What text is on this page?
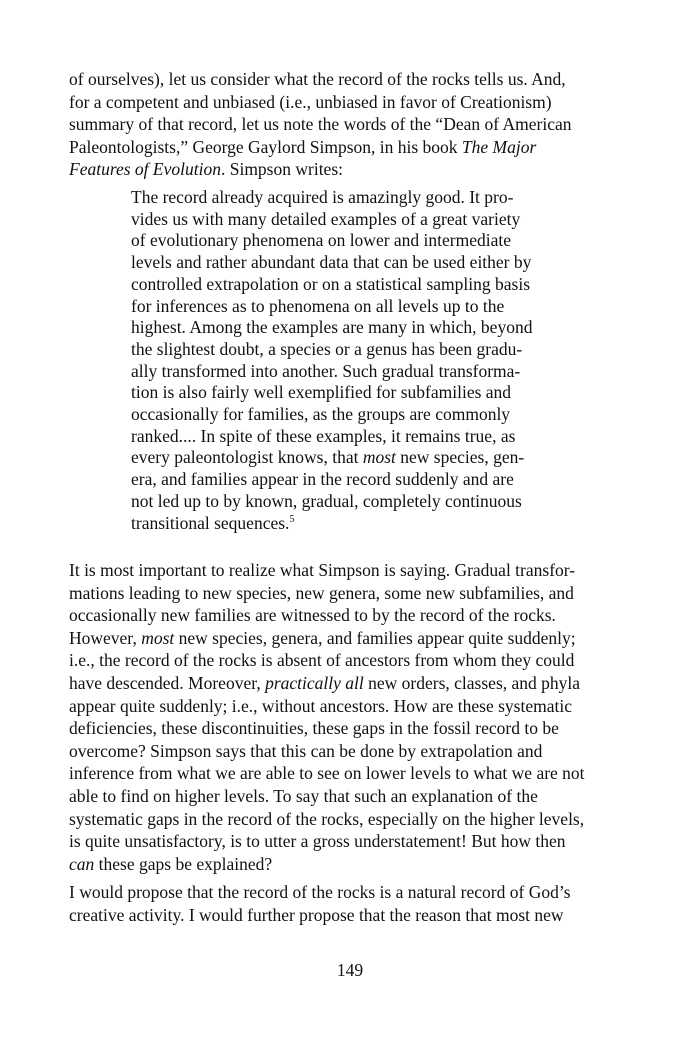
of ourselves), let us consider what the record of the rocks tells us. And,
for a competent and unbiased (i.e., unbiased in favor of Creationism)
summary of that record, let us note the words of the “Dean of American
Paleontologists,” George Gaylord Simpson, in his book The Major
Features of Evolution. Simpson writes:
The record already acquired is amazingly good. It pro-
vides us with many detailed examples of a great variety
of evolutionary phenomena on lower and intermediate
levels and rather abundant data that can be used either by
controlled extrapolation or on a statistical sampling basis
for inferences as to phenomena on all levels up to the
highest. Among the examples are many in which, beyond
the slightest doubt, a species or a genus has been gradu-
ally transformed into another. Such gradual transforma-
tion is also fairly well exemplified for subfamilies and
occasionally for families, as the groups are commonly
ranked.... In spite of these examples, it remains true, as
every paleontologist knows, that most new species, gen-
era, and families appear in the record suddenly and are
not led up to by known, gradual, completely continuous
transitional sequences.$^5$
It is most important to realize what Simpson is saying. Gradual transfor-
mations leading to new species, new genera, some new subfamilies, and
occasionally new families are witnessed to by the record of the rocks.
However, most new species, genera, and families appear quite suddenly;
i.e., the record of the rocks is absent of ancestors from whom they could
have descended. Moreover, practically all new orders, classes, and phyla
appear quite suddenly; i.e., without ancestors. How are these systematic
deficiencies, these discontinuities, these gaps in the fossil record to be
overcome? Simpson says that this can be done by extrapolation and
inference from what we are able to see on lower levels to what we are not
able to find on higher levels. To say that such an explanation of the
systematic gaps in the record of the rocks, especially on the higher levels,
is quite unsatisfactory, is to utter a gross understatement! But how then
can these gaps be explained?
I would propose that the record of the rocks is a natural record of God’s
creative activity. I would further propose that the reason that most new
149
